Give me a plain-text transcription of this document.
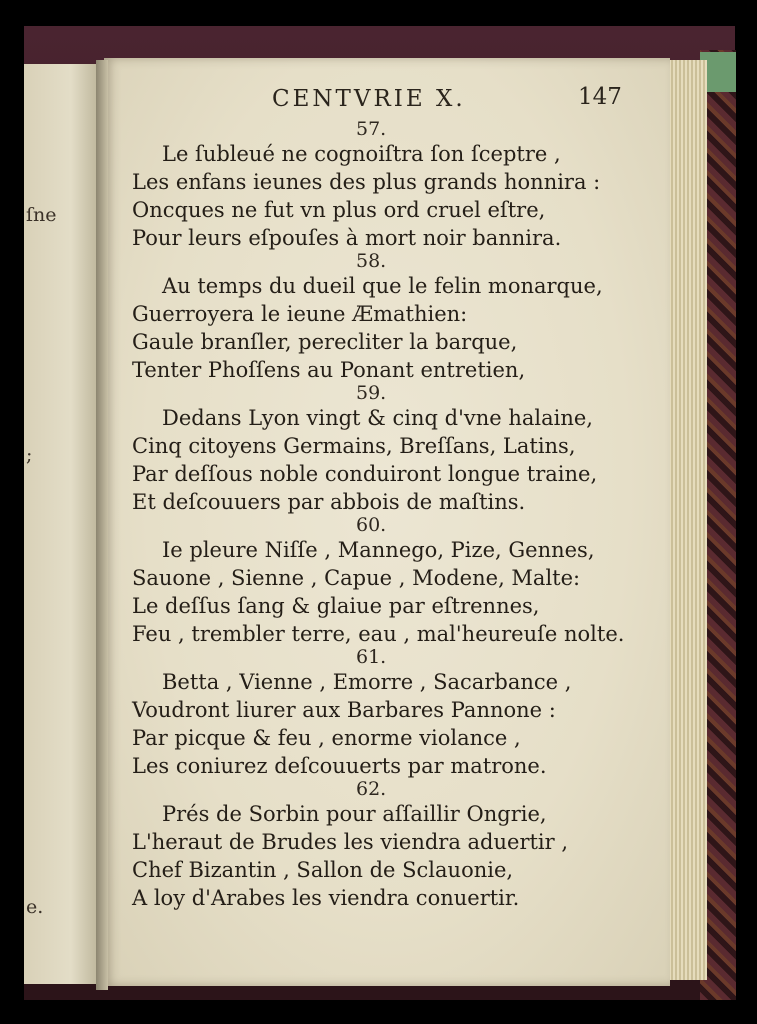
ſne
;
e.
CENTVRIE X.	147
57.
Le ſubleué ne cognoiſtra ſon ſceptre ,
Les enfans ieunes des plus grands honnira :
Oncques ne fut vn plus ord cruel eſtre,
Pour leurs eſpouſes à mort noir bannira.
58.
Au temps du dueil que le felin monarque,
Guerroyera le ieune Æmathien:
Gaule branſler, perecliter la barque,
Tenter Phoſſens au Ponant entretien,
59.
Dedans Lyon vingt & cinq d'vne halaine,
Cinq citoyens Germains, Breſſans, Latins,
Par deſſous noble conduiront longue traine,
Et deſcouuers par abbois de maſtins.
60.
Ie pleure Niſſe , Mannego, Pize, Gennes,
Sauone , Sienne , Capue , Modene, Malte:
Le deſſus ſang & glaiue par eſtrennes,
Feu , trembler terre, eau , mal'heureuſe nolte.
61.
Betta , Vienne , Emorre , Sacarbance ,
Voudront liurer aux Barbares Pannone :
Par picque & feu , enorme violance ,
Les coniurez deſcouuerts par matrone.
62.
Prés de Sorbin pour aſſaillir Ongrie,
L'heraut de Brudes les viendra aduertir ,
Chef Bizantin , Sallon de Sclauonie,
A loy d'Arabes les viendra conuertir.
